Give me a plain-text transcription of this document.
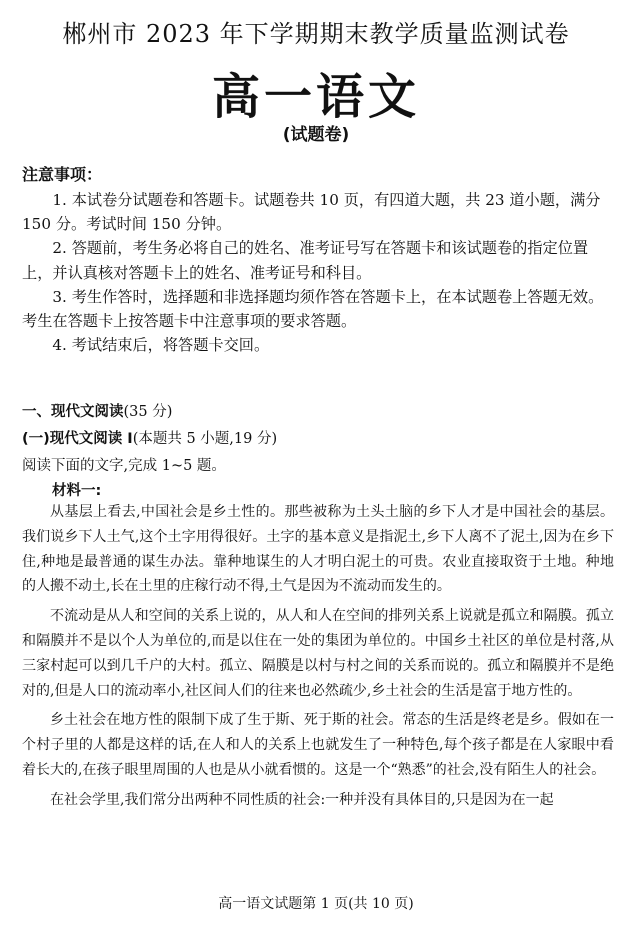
郴州市 2023 年下学期期末教学质量监测试卷
高一语文
(试题卷)
注意事项：

1. 本试卷分试题卷和答题卡。试题卷共 10 页，有四道大题，共 23 道小题，满分 150 分。考试时间 150 分钟。

2. 答题前，考生务必将自己的姓名、准考证号写在答题卡和该试题卷的指定位置上，并认真核对答题卡上的姓名、准考证号和科目。

3. 考生作答时，选择题和非选择题均须作答在答题卡上，在本试题卷上答题无效。考生在答题卡上按答题卡中注意事项的要求答题。

4. 考试结束后，将答题卡交回。

一、现代文阅读(35 分)
(一)现代文阅读 I(本题共 5 小题,19 分)
阅读下面的文字,完成 1~5 题。
材料一:

从基层上看去,中国社会是乡土性的。那些被称为土头土脑的乡下人才是中国社会的基层。我们说乡下人土气,这个土字用得很好。土字的基本意义是指泥土,乡下人离不了泥土,因为在乡下住,种地是最普通的谋生办法。靠种地谋生的人才明白泥土的可贵。农业直接取资于土地。种地的人搬不动土,长在土里的庄稼行动不得,土气是因为不流动而发生的。

不流动是从人和空间的关系上说的，从人和人在空间的排列关系上说就是孤立和隔膜。孤立和隔膜并不是以个人为单位的,而是以住在一处的集团为单位的。中国乡土社区的单位是村落,从三家村起可以到几千户的大村。孤立、隔膜是以村与村之间的关系而说的。孤立和隔膜并不是绝对的,但是人口的流动率小,社区间人们的往来也必然疏少,乡土社会的生活是富于地方性的。

乡土社会在地方性的限制下成了生于斯、死于斯的社会。常态的生活是终老是乡。假如在一个村子里的人都是这样的话,在人和人的关系上也就发生了一种特色,每个孩子都是在人家眼中看着长大的,在孩子眼里周围的人也是从小就看惯的。这是一个“熟悉”的社会,没有陌生人的社会。

在社会学里,我们常分出两种不同性质的社会:一种并没有具体目的,只是因为在一起

高一语文试题第 1 页(共 10 页)
